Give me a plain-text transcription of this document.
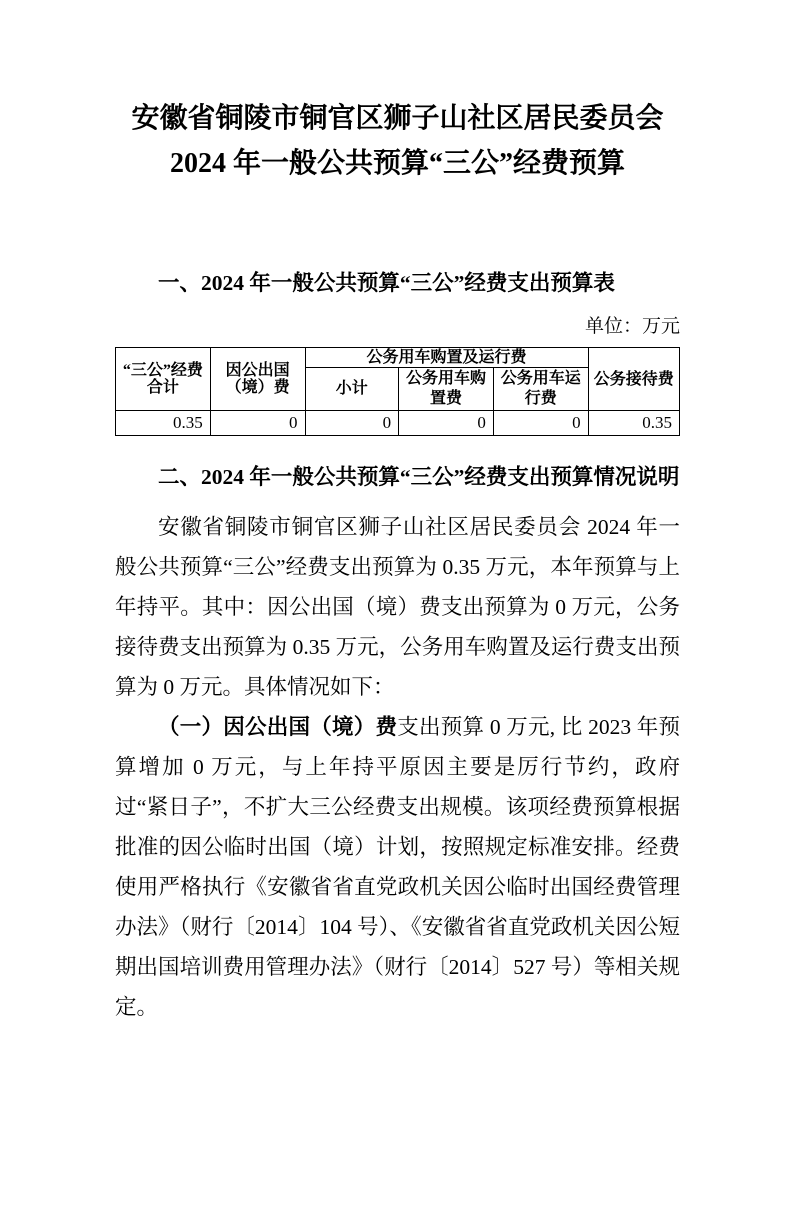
安徽省铜陵市铜官区狮子山社区居民委员会
2024 年一般公共预算“三公”经费预算
一、2024 年一般公共预算“三公”经费支出预算表
单位：万元
“三公”经费合计	因公出国（境）费	公务用车购置及运行费			公务接待费
		小计	公务用车购置费	公务用车运行费	
0.35	0	0	0	0	0.35
二、2024 年一般公共预算“三公”经费支出预算情况说明

安徽省铜陵市铜官区狮子山社区居民委员会 2024 年一般公共预算“三公”经费支出预算为 0.35 万元，本年预算与上年持平。其中：因公出国（境）费支出预算为 0 万元，公务接待费支出预算为 0.35 万元，公务用车购置及运行费支出预算为 0 万元。具体情况如下：

（一）因公出国（境）费支出预算 0 万元, 比 2023 年预算增加 0 万元，与上年持平原因主要是厉行节约，政府过“紧日子”，不扩大三公经费支出规模。该项经费预算根据批准的因公临时出国（境）计划，按照规定标准安排。经费使用严格执行《安徽省省直党政机关因公临时出国经费管理办法》（财行〔2014〕104 号）、《安徽省省直党政机关因公短期出国培训费用管理办法》（财行〔2014〕527 号）等相关规定。
